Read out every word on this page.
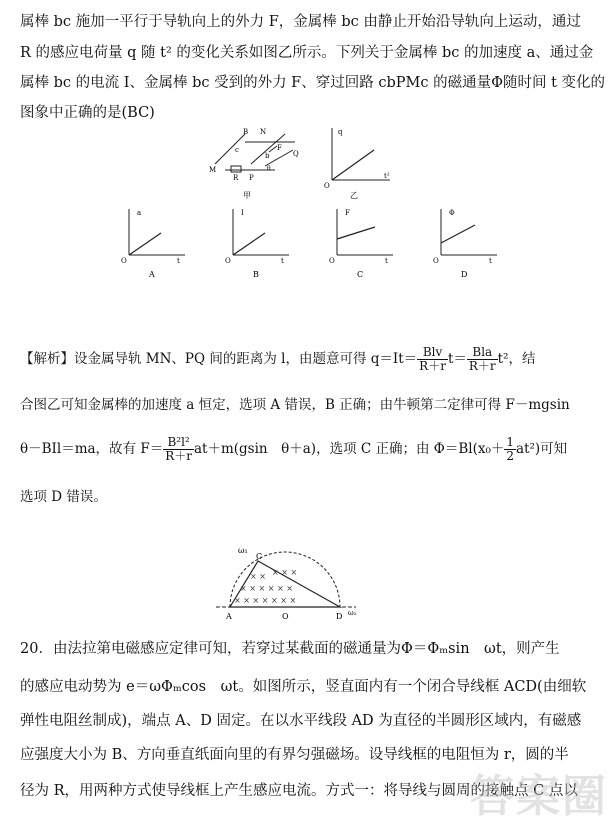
属棒 bc 施加一平行于导轨向上的外力 F，金属棒 bc 由静止开始沿导轨向上运动，通过
R 的感应电荷量 q 随 t² 的变化关系如图乙所示。下列关于金属棒 bc 的加速度 a、通过金
属棒 bc 的电流 I、金属棒 bc 受到的外力 F、穿过回路 cbPMc 的磁通量Φ随时间 t 变化的
图象中正确的是(BC)
B N
c	F
b
M
R P
θ
Q
甲
q
t²
O
乙
a
O	t
A
I
O	t
B
F
O	t
C
Φ
O	t
D
【解析】设金属导轨 MN、PQ 间的距离为 l，由题意可得 $q=It= \frac{\text{Blv}}{R+r} t= \frac{\text{Bla}}{R+r} t^2$，结
合图乙可知金属棒的加速度 a 恒定，选项 A 错误，B 正确；由牛顿第二定律可得 F－mgsin
θ－BIl＝ma，故有 $F= \frac{\text{B²l²}}{R+r} at+m(gsin$　θ＋a)，选项 C 正确；由 $\Phi=Bl(x_0+ \frac{1}{2} at^2)$可知
选项 D 错误。
× × × × ×
× × × × × ×
× × × × × × ×
ω₁
ω₂
C
A	O	D
20．由法拉第电磁感应定律可知，若穿过某截面的磁通量为Φ＝Φₘsin　ωt，则产生
的感应电动势为 e＝ωΦₘcos　ωt。如图所示，竖直面内有一个闭合导线框 ACD(由细软
弹性电阻丝制成)，端点 A、D 固定。在以水平线段 AD 为直径的半圆形区域内，有磁感
应强度大小为 B、方向垂直纸面向里的有界匀强磁场。设导线框的电阻恒为 r，圆的半
径为 R，用两种方式使导线框上产生感应电流。方式一：将导线与圆周的接触点 C 点以
答案圈
